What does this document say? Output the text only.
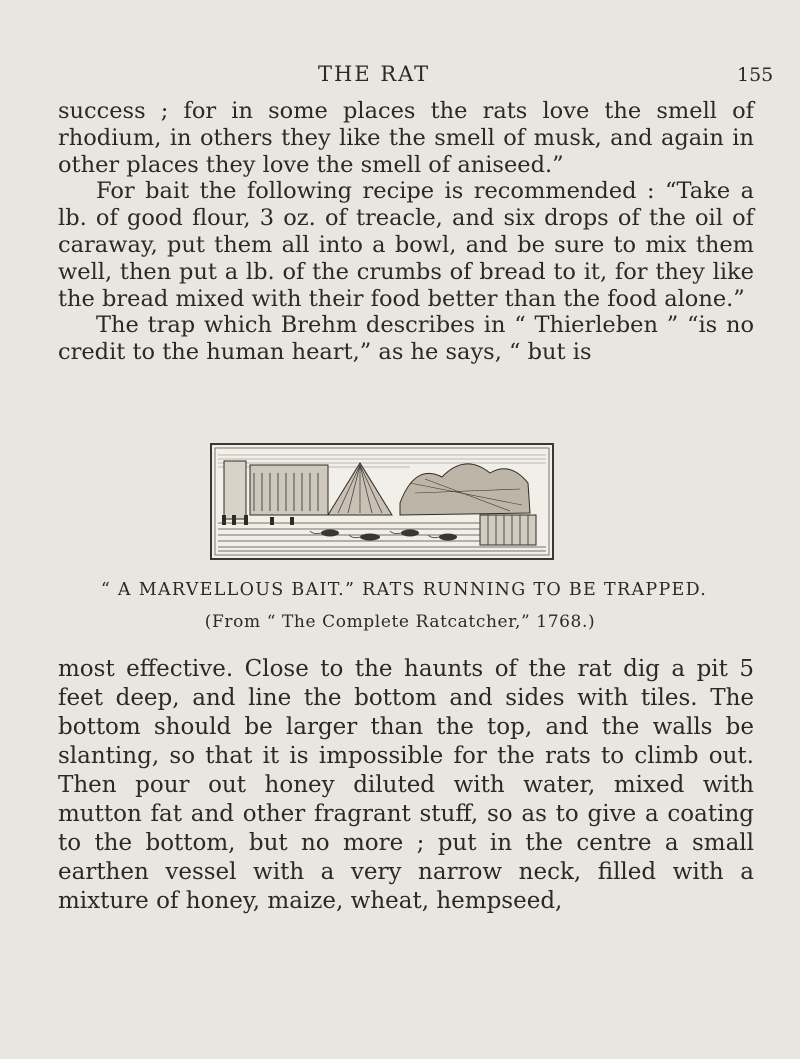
THE RAT	155

success ; for in some places the rats love the smell of rhodium, in others they like the smell of musk, and again in other places they love the smell of aniseed.”

For bait the following recipe is recommended : “Take a lb. of good flour, 3 oz. of treacle, and six drops of the oil of caraway, put them all into a bowl, and be sure to mix them well, then put a lb. of the crumbs of bread to it, for they like the bread mixed with their food better than the food alone.”

The trap which Brehm describes in “ Thierleben ” “is no credit to the human heart,” as he says, “ but is

“ A MARVELLOUS BAIT.” RATS RUNNING TO BE TRAPPED.
(From “ The Complete Ratcatcher,” 1768.)

most effective. Close to the haunts of the rat dig a pit 5 feet deep, and line the bottom and sides with tiles. The bottom should be larger than the top, and the walls be slanting, so that it is impossible for the rats to climb out. Then pour out honey diluted with water, mixed with mutton fat and other fragrant stuff, so as to give a coating to the bottom, but no more ; put in the centre a small earthen vessel with a very narrow neck, filled with a mixture of honey, maize, wheat, hempseed,
